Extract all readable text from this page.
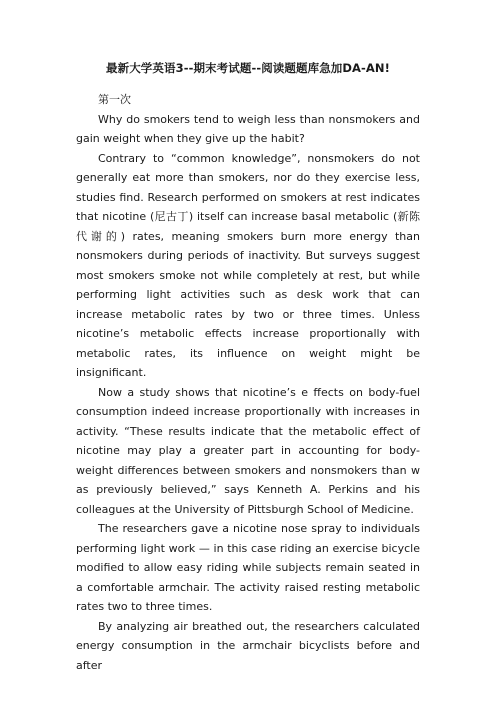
最新大学英语3--期末考试题--阅读题题库急加DA-AN!

第一次

Why do smokers tend to weigh less than nonsmokers and gain weight when they give up the habit?

Contrary to “common knowledge”, nonsmokers do not generally eat more than smokers, nor do they exercise less, studies find. Research performed on smokers at rest indicates that nicotine (尼古丁) itself can increase basal metabolic (新陈代谢的) rates, meaning smokers burn more energy than nonsmokers during periods of inactivity. But surveys suggest most smokers smoke not while completely at rest, but while performing light activities such as desk work that can increase metabolic rates by two or three times. Unless nicotine’s metabolic effects increase proportionally with metabolic rates, its influence on weight might be insignificant.

Now a study shows that nicotine’s e ffects on body-fuel consumption indeed increase proportionally with increases in activity. “These results indicate that the metabolic effect of nicotine may play a greater part in accounting for body-weight differences between smokers and nonsmokers than w as previously believed,” says Kenneth A. Perkins and his colleagues at the University of Pittsburgh School of Medicine.

The researchers gave a nicotine nose spray to individuals performing light work — in this case riding an exercise bicycle modified to allow easy riding while subjects remain seated in a comfortable armchair. The activity raised resting metabolic rates two to three times.

By analyzing air breathed out, the researchers calculated energy consumption in the armchair bicyclists before and after
